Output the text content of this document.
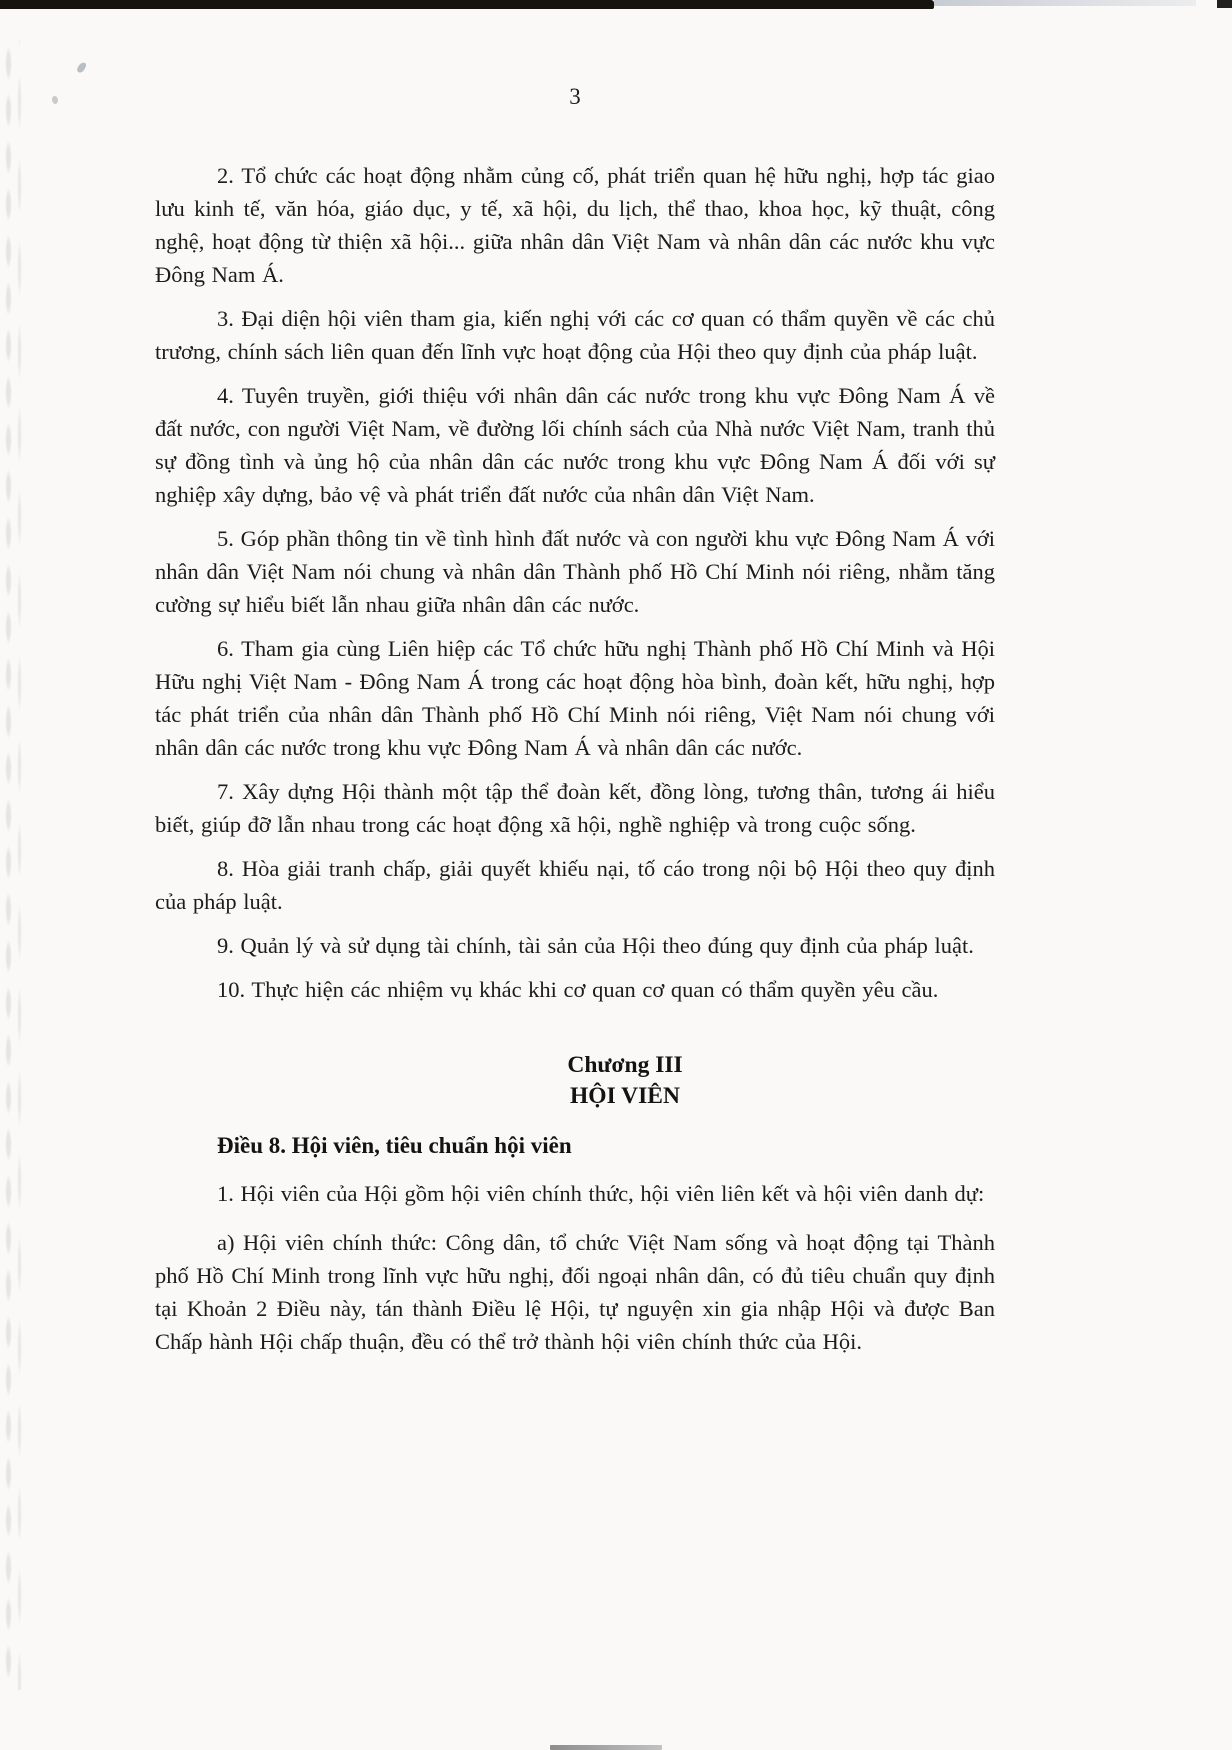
3

2. Tổ chức các hoạt động nhằm củng cố, phát triển quan hệ hữu nghị, hợp tác giao lưu kinh tế, văn hóa, giáo dục, y tế, xã hội, du lịch, thể thao, khoa học, kỹ thuật, công nghệ, hoạt động từ thiện xã hội... giữa nhân dân Việt Nam và nhân dân các nước khu vực Đông Nam Á.

3. Đại diện hội viên tham gia, kiến nghị với các cơ quan có thẩm quyền về các chủ trương, chính sách liên quan đến lĩnh vực hoạt động của Hội theo quy định của pháp luật.

4. Tuyên truyền, giới thiệu với nhân dân các nước trong khu vực Đông Nam Á về đất nước, con người Việt Nam, về đường lối chính sách của Nhà nước Việt Nam, tranh thủ sự đồng tình và ủng hộ của nhân dân các nước trong khu vực Đông Nam Á đối với sự nghiệp xây dựng, bảo vệ và phát triển đất nước của nhân dân Việt Nam.

5. Góp phần thông tin về tình hình đất nước và con người khu vực Đông Nam Á với nhân dân Việt Nam nói chung và nhân dân Thành phố Hồ Chí Minh nói riêng, nhằm tăng cường sự hiểu biết lẫn nhau giữa nhân dân các nước.

6. Tham gia cùng Liên hiệp các Tổ chức hữu nghị Thành phố Hồ Chí Minh và Hội Hữu nghị Việt Nam - Đông Nam Á trong các hoạt động hòa bình, đoàn kết, hữu nghị, hợp tác phát triển của nhân dân Thành phố Hồ Chí Minh nói riêng, Việt Nam nói chung với nhân dân các nước trong khu vực Đông Nam Á và nhân dân các nước.

7. Xây dựng Hội thành một tập thể đoàn kết, đồng lòng, tương thân, tương ái hiểu biết, giúp đỡ lẫn nhau trong các hoạt động xã hội, nghề nghiệp và trong cuộc sống.

8. Hòa giải tranh chấp, giải quyết khiếu nại, tố cáo trong nội bộ Hội theo quy định của pháp luật.

9. Quản lý và sử dụng tài chính, tài sản của Hội theo đúng quy định của pháp luật.

10. Thực hiện các nhiệm vụ khác khi cơ quan cơ quan có thẩm quyền yêu cầu.

Chương III
HỘI VIÊN

Điều 8. Hội viên, tiêu chuẩn hội viên

1. Hội viên của Hội gồm hội viên chính thức, hội viên liên kết và hội viên danh dự:

a) Hội viên chính thức: Công dân, tổ chức Việt Nam sống và hoạt động tại Thành phố Hồ Chí Minh trong lĩnh vực hữu nghị, đối ngoại nhân dân, có đủ tiêu chuẩn quy định tại Khoản 2 Điều này, tán thành Điều lệ Hội, tự nguyện xin gia nhập Hội và được Ban Chấp hành Hội chấp thuận, đều có thể trở thành hội viên chính thức của Hội.
